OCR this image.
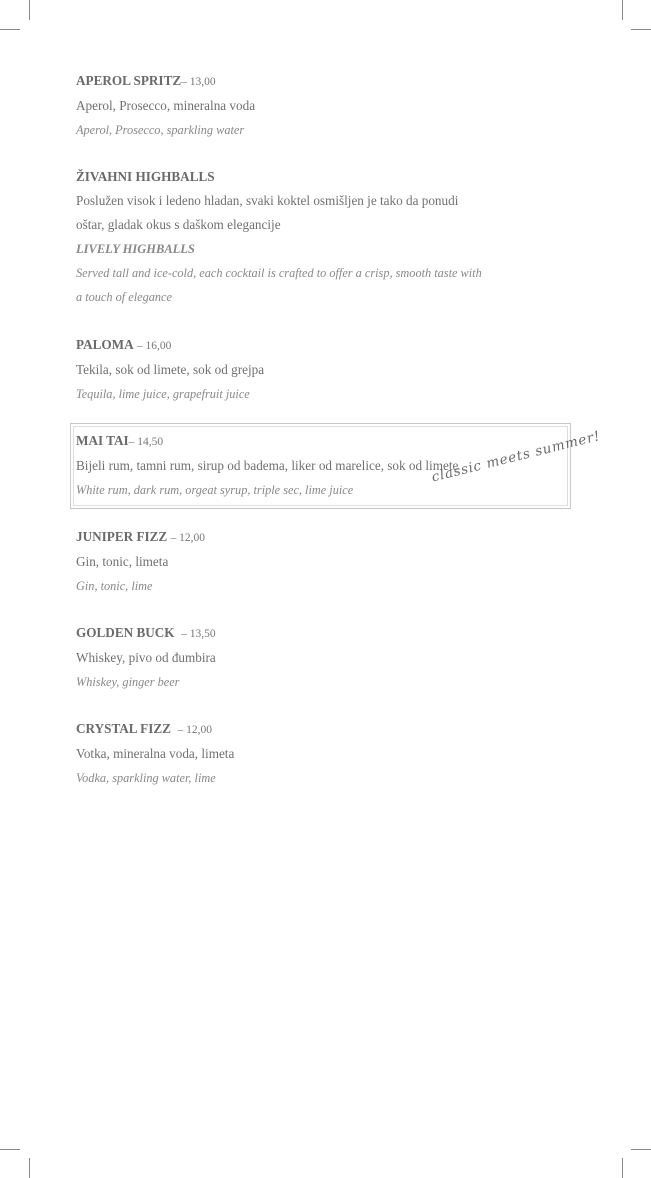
APEROL SPRITZ– 13,00
Aperol, Prosecco, mineralna voda
Aperol, Prosecco, sparkling water
ŽIVAHNI HIGHBALLS
Poslužen visok i ledeno hladan, svaki koktel osmišljen je tako da ponudi
oštar, gladak okus s daškom elegancije
LIVELY HIGHBALLS
Served tall and ice-cold, each cocktail is crafted to offer a crisp, smooth taste with
a touch of elegance
PALOMA – 16,00
Tekila, sok od limete, sok od grejpa
Tequila, lime juice, grapefruit juice
MAI TAI– 14,50
Bijeli rum, tamni rum, sirup od badema, liker od marelice, sok od limete
White rum, dark rum, orgeat syrup, triple sec, lime juice
classic meets summer!
JUNIPER FIZZ – 12,00
Gin, tonic, limeta
Gin, tonic, lime
GOLDEN BUCK – 13,50
Whiskey, pivo od đumbira
Whiskey, ginger beer
CRYSTAL FIZZ – 12,00
Votka, mineralna voda, limeta
Vodka, sparkling water, lime
